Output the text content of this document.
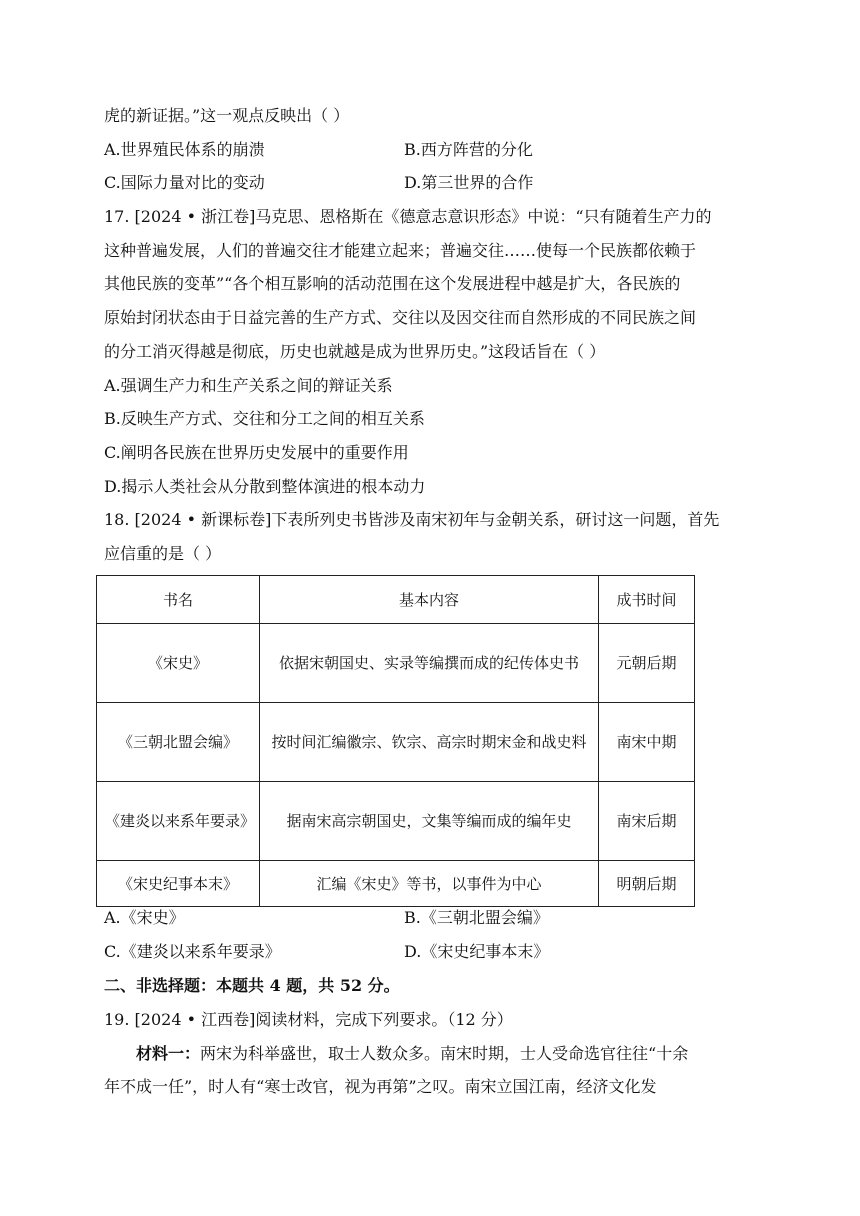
虎的新证据。”这一观点反映出（ ）
A.世界殖民体系的崩溃	B.西方阵营的分化
C.国际力量对比的变动	D.第三世界的合作
17. [2024 • 浙江卷]马克思、恩格斯在《德意志意识形态》中说：“只有随着生产力的
这种普遍发展，人们的普遍交往才能建立起来；普遍交往……使每一个民族都依赖于
其他民族的变革”“各个相互影响的活动范围在这个发展进程中越是扩大，各民族的
原始封闭状态由于日益完善的生产方式、交往以及因交往而自然形成的不同民族之间
的分工消灭得越是彻底，历史也就越是成为世界历史。”这段话旨在（ ）
A.强调生产力和生产关系之间的辩证关系
B.反映生产方式、交往和分工之间的相互关系
C.阐明各民族在世界历史发展中的重要作用
D.揭示人类社会从分散到整体演进的根本动力
18. [2024 • 新课标卷]下表所列史书皆涉及南宋初年与金朝关系，研讨这一问题，首先
应信重的是（ ）
书名	基本内容	成书时间
《宋史》	依据宋朝国史、实录等编撰而成的纪传体史书	元朝后期
《三朝北盟会编》	按时间汇编徽宗、钦宗、高宗时期宋金和战史料	南宋中期
《建炎以来系年要录》	据南宋高宗朝国史，文集等编而成的编年史	南宋后期
《宋史纪事本末》	汇编《宋史》等书，以事件为中心	明朝后期
A.《宋史》	B.《三朝北盟会编》
C.《建炎以来系年要录》	D.《宋史纪事本末》
二、非选择题：本题共 4 题，共 52 分。
19. [2024 • 江西卷]阅读材料，完成下列要求。（12 分）
材料一：两宋为科举盛世，取士人数众多。南宋时期，士人受命选官往往“十余
年不成一任”，时人有“寒士改官，视为再第”之叹。南宋立国江南，经济文化发
